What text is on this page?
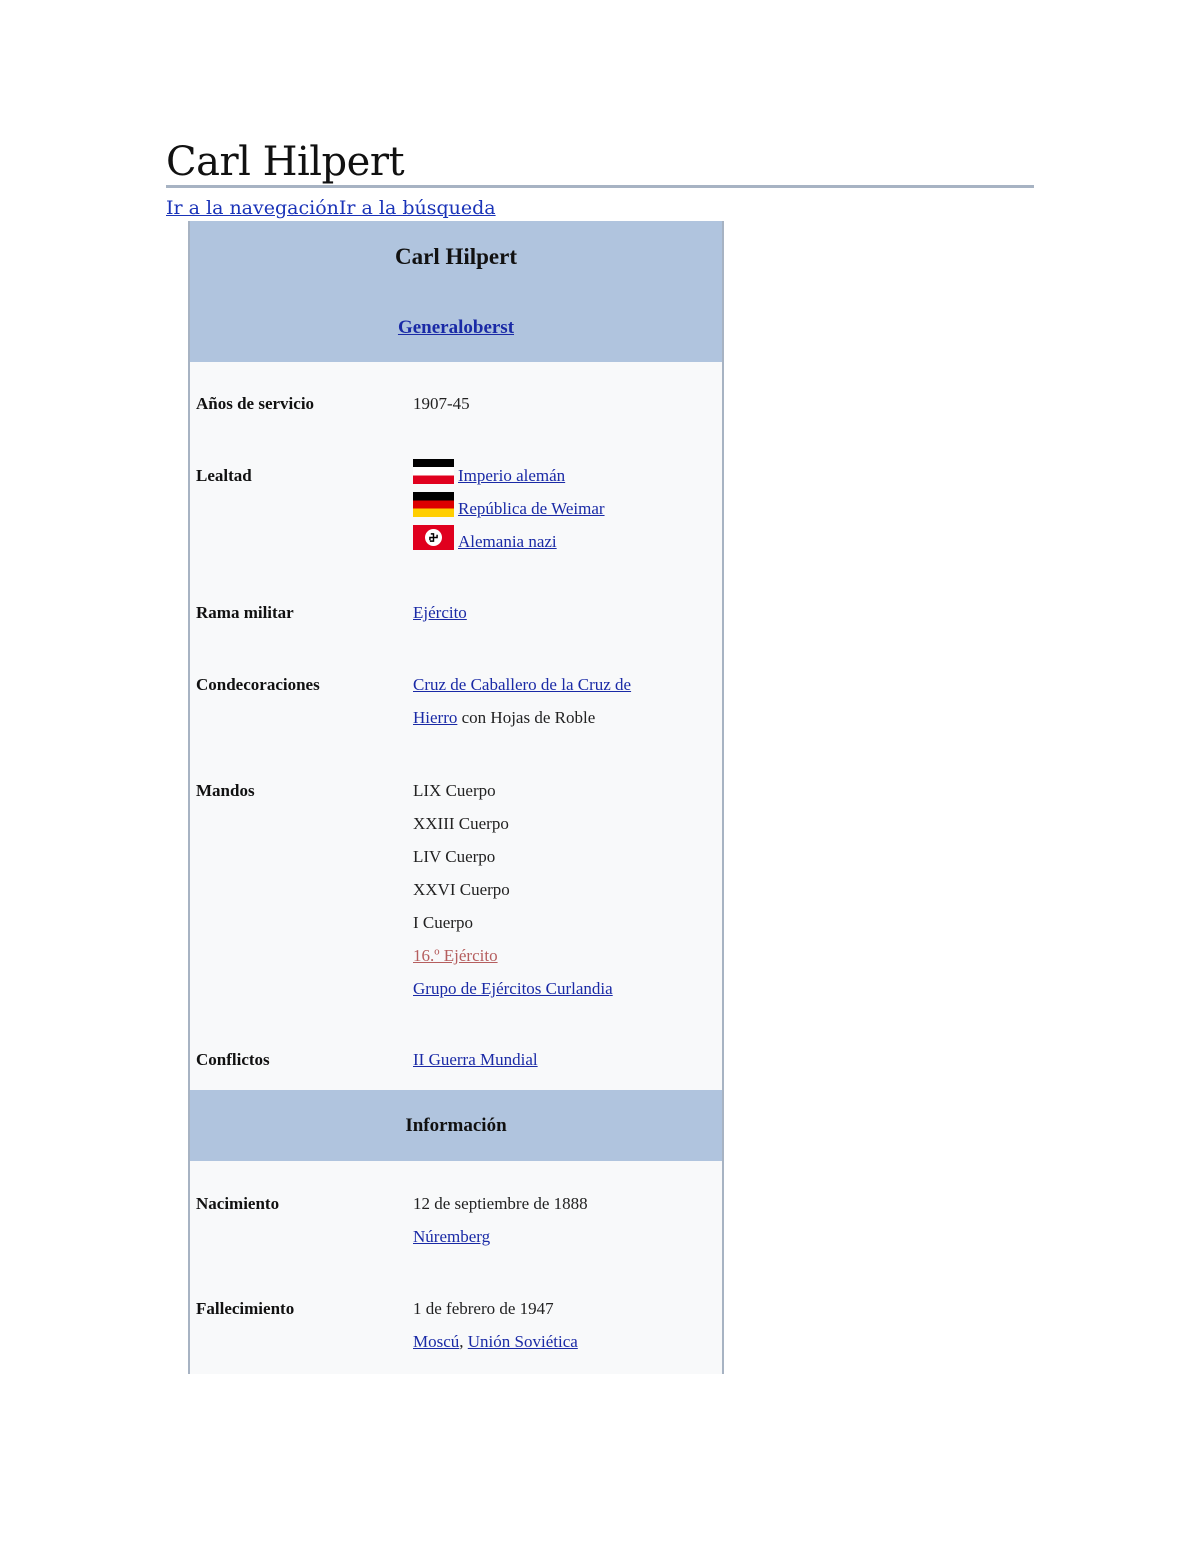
Carl Hilpert
Ir a la navegaciónIr a la búsqueda
Carl Hilpert
Generaloberst
Años de servicio	1907-45
Lealtad	Imperio alemán
República de Weimar
Alemania nazi
Rama militar	Ejército
Condecoraciones	Cruz de Caballero de la Cruz de
Hierro con Hojas de Roble
Mandos	LIX Cuerpo
XXIII Cuerpo
LIV Cuerpo
XXVI Cuerpo
I Cuerpo
16.º Ejército
Grupo de Ejércitos Curlandia
Conflictos	II Guerra Mundial
Información
Nacimiento	12 de septiembre de 1888
Núremberg
Fallecimiento	1 de febrero de 1947
Moscú, Unión Soviética
